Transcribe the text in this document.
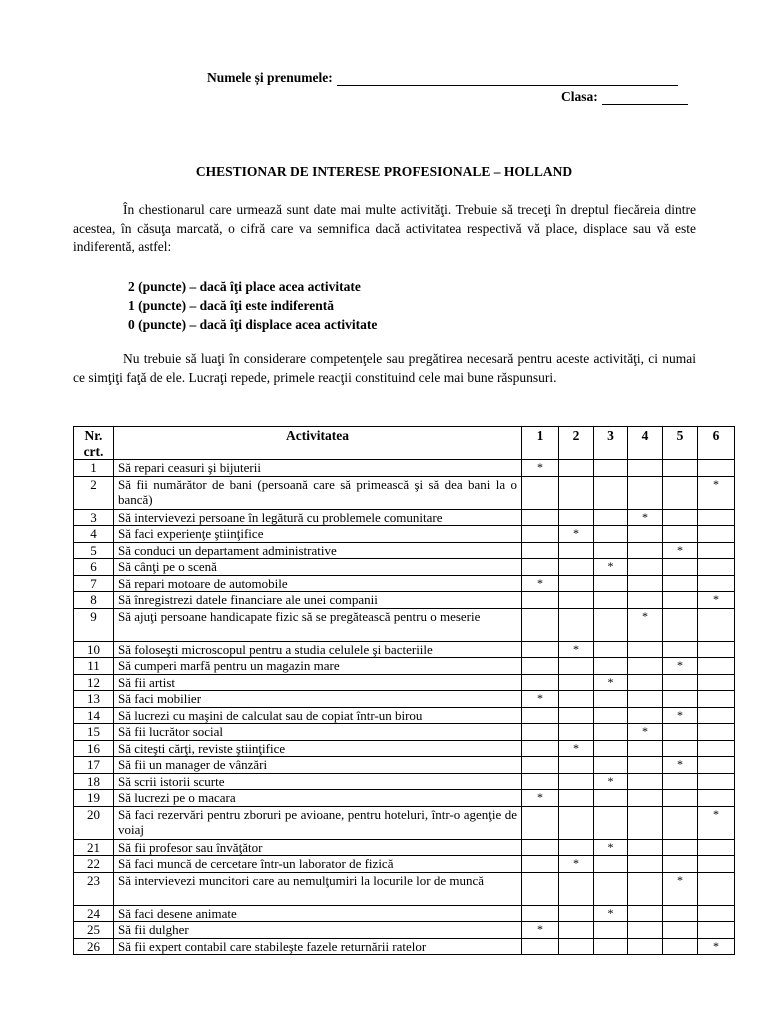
Numele și prenumele:
Clasa:
CHESTIONAR DE INTERESE PROFESIONALE – HOLLAND

În chestionarul care urmează sunt date mai multe activităţi. Trebuie să treceţi în dreptul fiecăreia dintre acestea, în căsuţa marcată, o cifră care va semnifica dacă activitatea respectivă vă place, displace sau vă este indiferentă, astfel:

2 (puncte) – dacă îţi place acea activitate
1 (puncte) – dacă îţi este indiferentă
0 (puncte) – dacă îţi displace acea activitate

Nu trebuie să luaţi în considerare competenţele sau pregătirea necesară pentru aceste activităţi, ci numai ce simţiţi faţă de ele. Lucraţi repede, primele reacţii constituind cele mai bune răspunsuri.

Nr. crt.	Activitatea	1	2	3	4	5	6
1	Să repari ceasuri şi bijuterii	*					
2	Să fii numărător de bani (persoană care să primească şi să dea bani la o bancă)						*
3	Să intervievezi persoane în legătură cu problemele comunitare				*		
4	Să faci experienţe ştiinţifice		*				
5	Să conduci un departament administrative					*	
6	Să cânţi pe o scenă			*			
7	Să repari motoare de automobile	*					
8	Să înregistrezi datele financiare ale unei companii						*
9	Să ajuţi persoane handicapate fizic să se pregătească pentru o meserie				*		
10	Să foloseşti microscopul pentru a studia celulele şi bacteriile		*				
11	Să cumperi marfă pentru un magazin mare					*	
12	Să fii artist			*			
13	Să faci mobilier	*					
14	Să lucrezi cu maşini de calculat sau de copiat într-un birou					*	
15	Să fii lucrător social				*		
16	Să citeşti cărţi, reviste ştiinţifice		*				
17	Să fii un manager de vânzări					*	
18	Să scrii istorii scurte			*			
19	Să lucrezi pe o macara	*					
20	Să faci rezervări pentru zboruri pe avioane, pentru hoteluri, într-o agenţie de voiaj						*
21	Să fii profesor sau învăţător			*			
22	Să faci muncă de cercetare într-un laborator de fizică		*				
23	Să intervievezi muncitori care au nemulţumiri la locurile lor de muncă					*	
24	Să faci desene animate			*			
25	Să fii dulgher	*					
26	Să fii expert contabil care stabileşte fazele returnării ratelor						*
